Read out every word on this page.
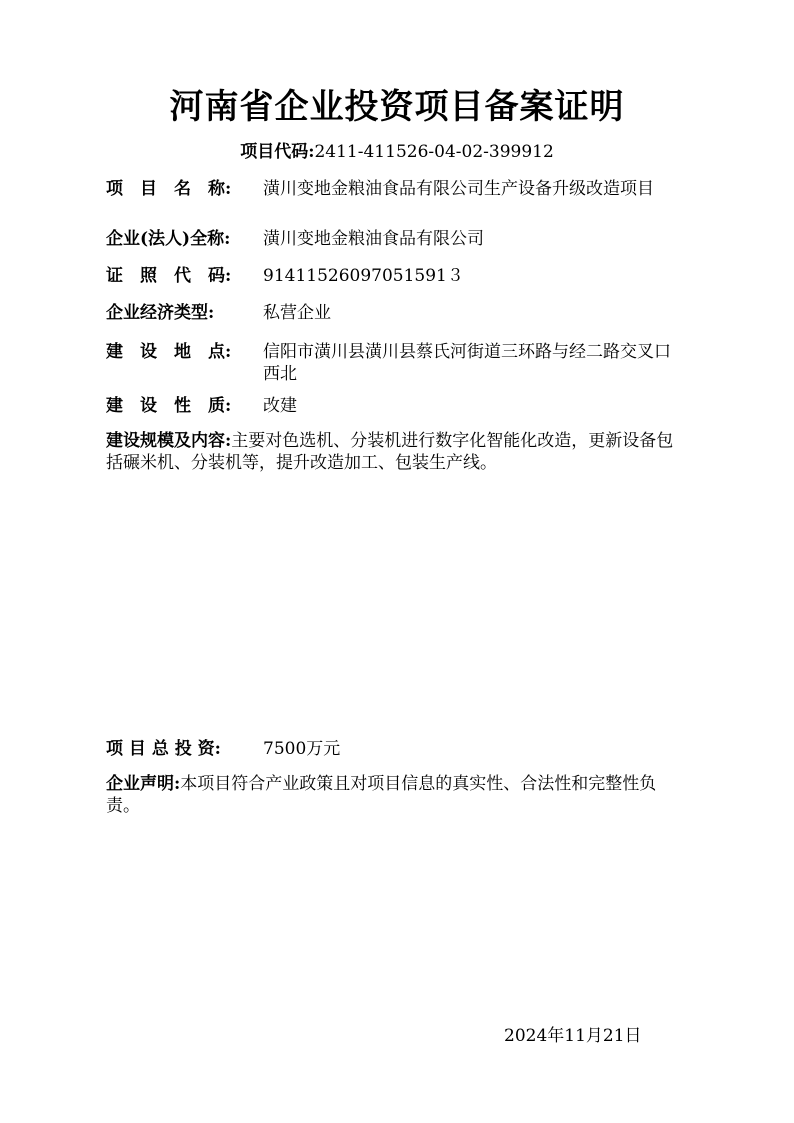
河南省企业投资项目备案证明
项目代码:2411-411526-04-02-399912
项　目　名　称:	潢川变地金粮油食品有限公司生产设备升级改造项目
企业(法人)全称:	潢川变地金粮油食品有限公司
证　照　代　码:	91411526097051591３
企业经济类型:	私营企业
建　设　地　点:	信阳市潢川县潢川县蔡氏河街道三环路与经二路交叉口西北
建　设　性　质:	改建
建设规模及内容:主要对色选机、分装机进行数字化智能化改造，更新设备包括碾米机、分装机等，提升改造加工、包装生产线。
项 目 总 投 资:	7500万元
企业声明:本项目符合产业政策且对项目信息的真实性、合法性和完整性负责。
2024年11月21日
